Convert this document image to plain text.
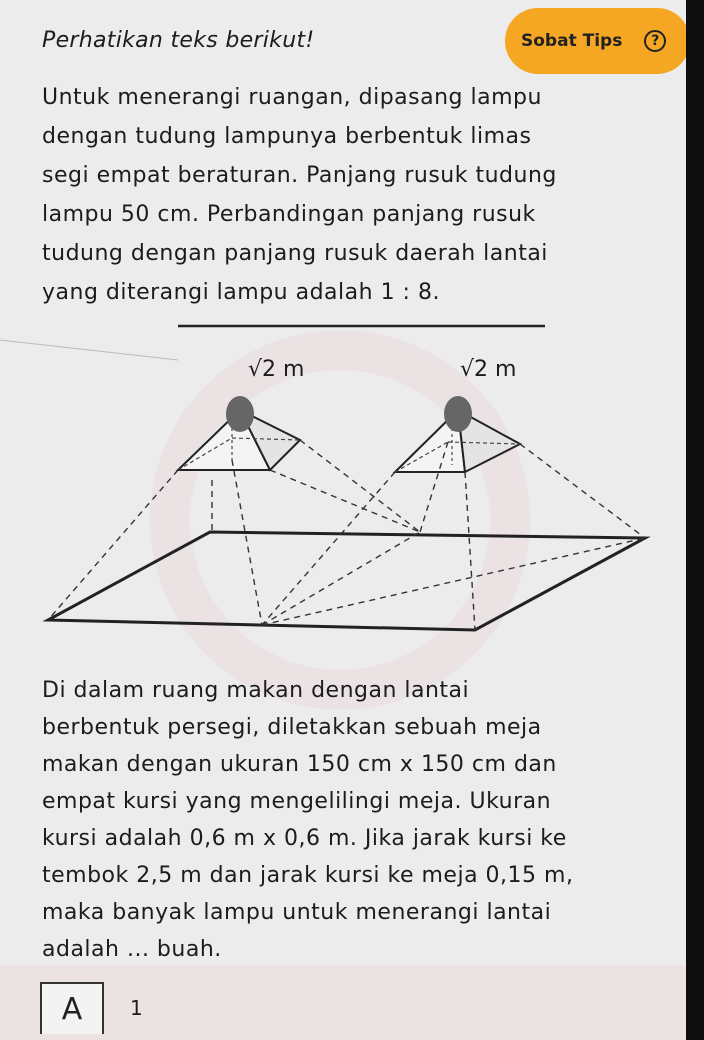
Perhatikan teks berikut!	Sobat Tips	?

Untuk menerangi ruangan, dipasang lampu
dengan tudung lampunya berbentuk limas
segi empat beraturan. Panjang rusuk tudung
lampu 50 cm. Perbandingan panjang rusuk
tudung dengan panjang rusuk daerah lantai
yang diterangi lampu adalah 1 : 8.

√2 m	√2 m

Di dalam ruang makan dengan lantai
berbentuk persegi, diletakkan sebuah meja
makan dengan ukuran 150 cm x 150 cm dan
empat kursi yang mengelilingi meja. Ukuran
kursi adalah 0,6 m x 0,6 m. Jika jarak kursi ke
tembok 2,5 m dan jarak kursi ke meja 0,15 m,
maka banyak lampu untuk menerangi lantai
adalah ... buah.

A	1
